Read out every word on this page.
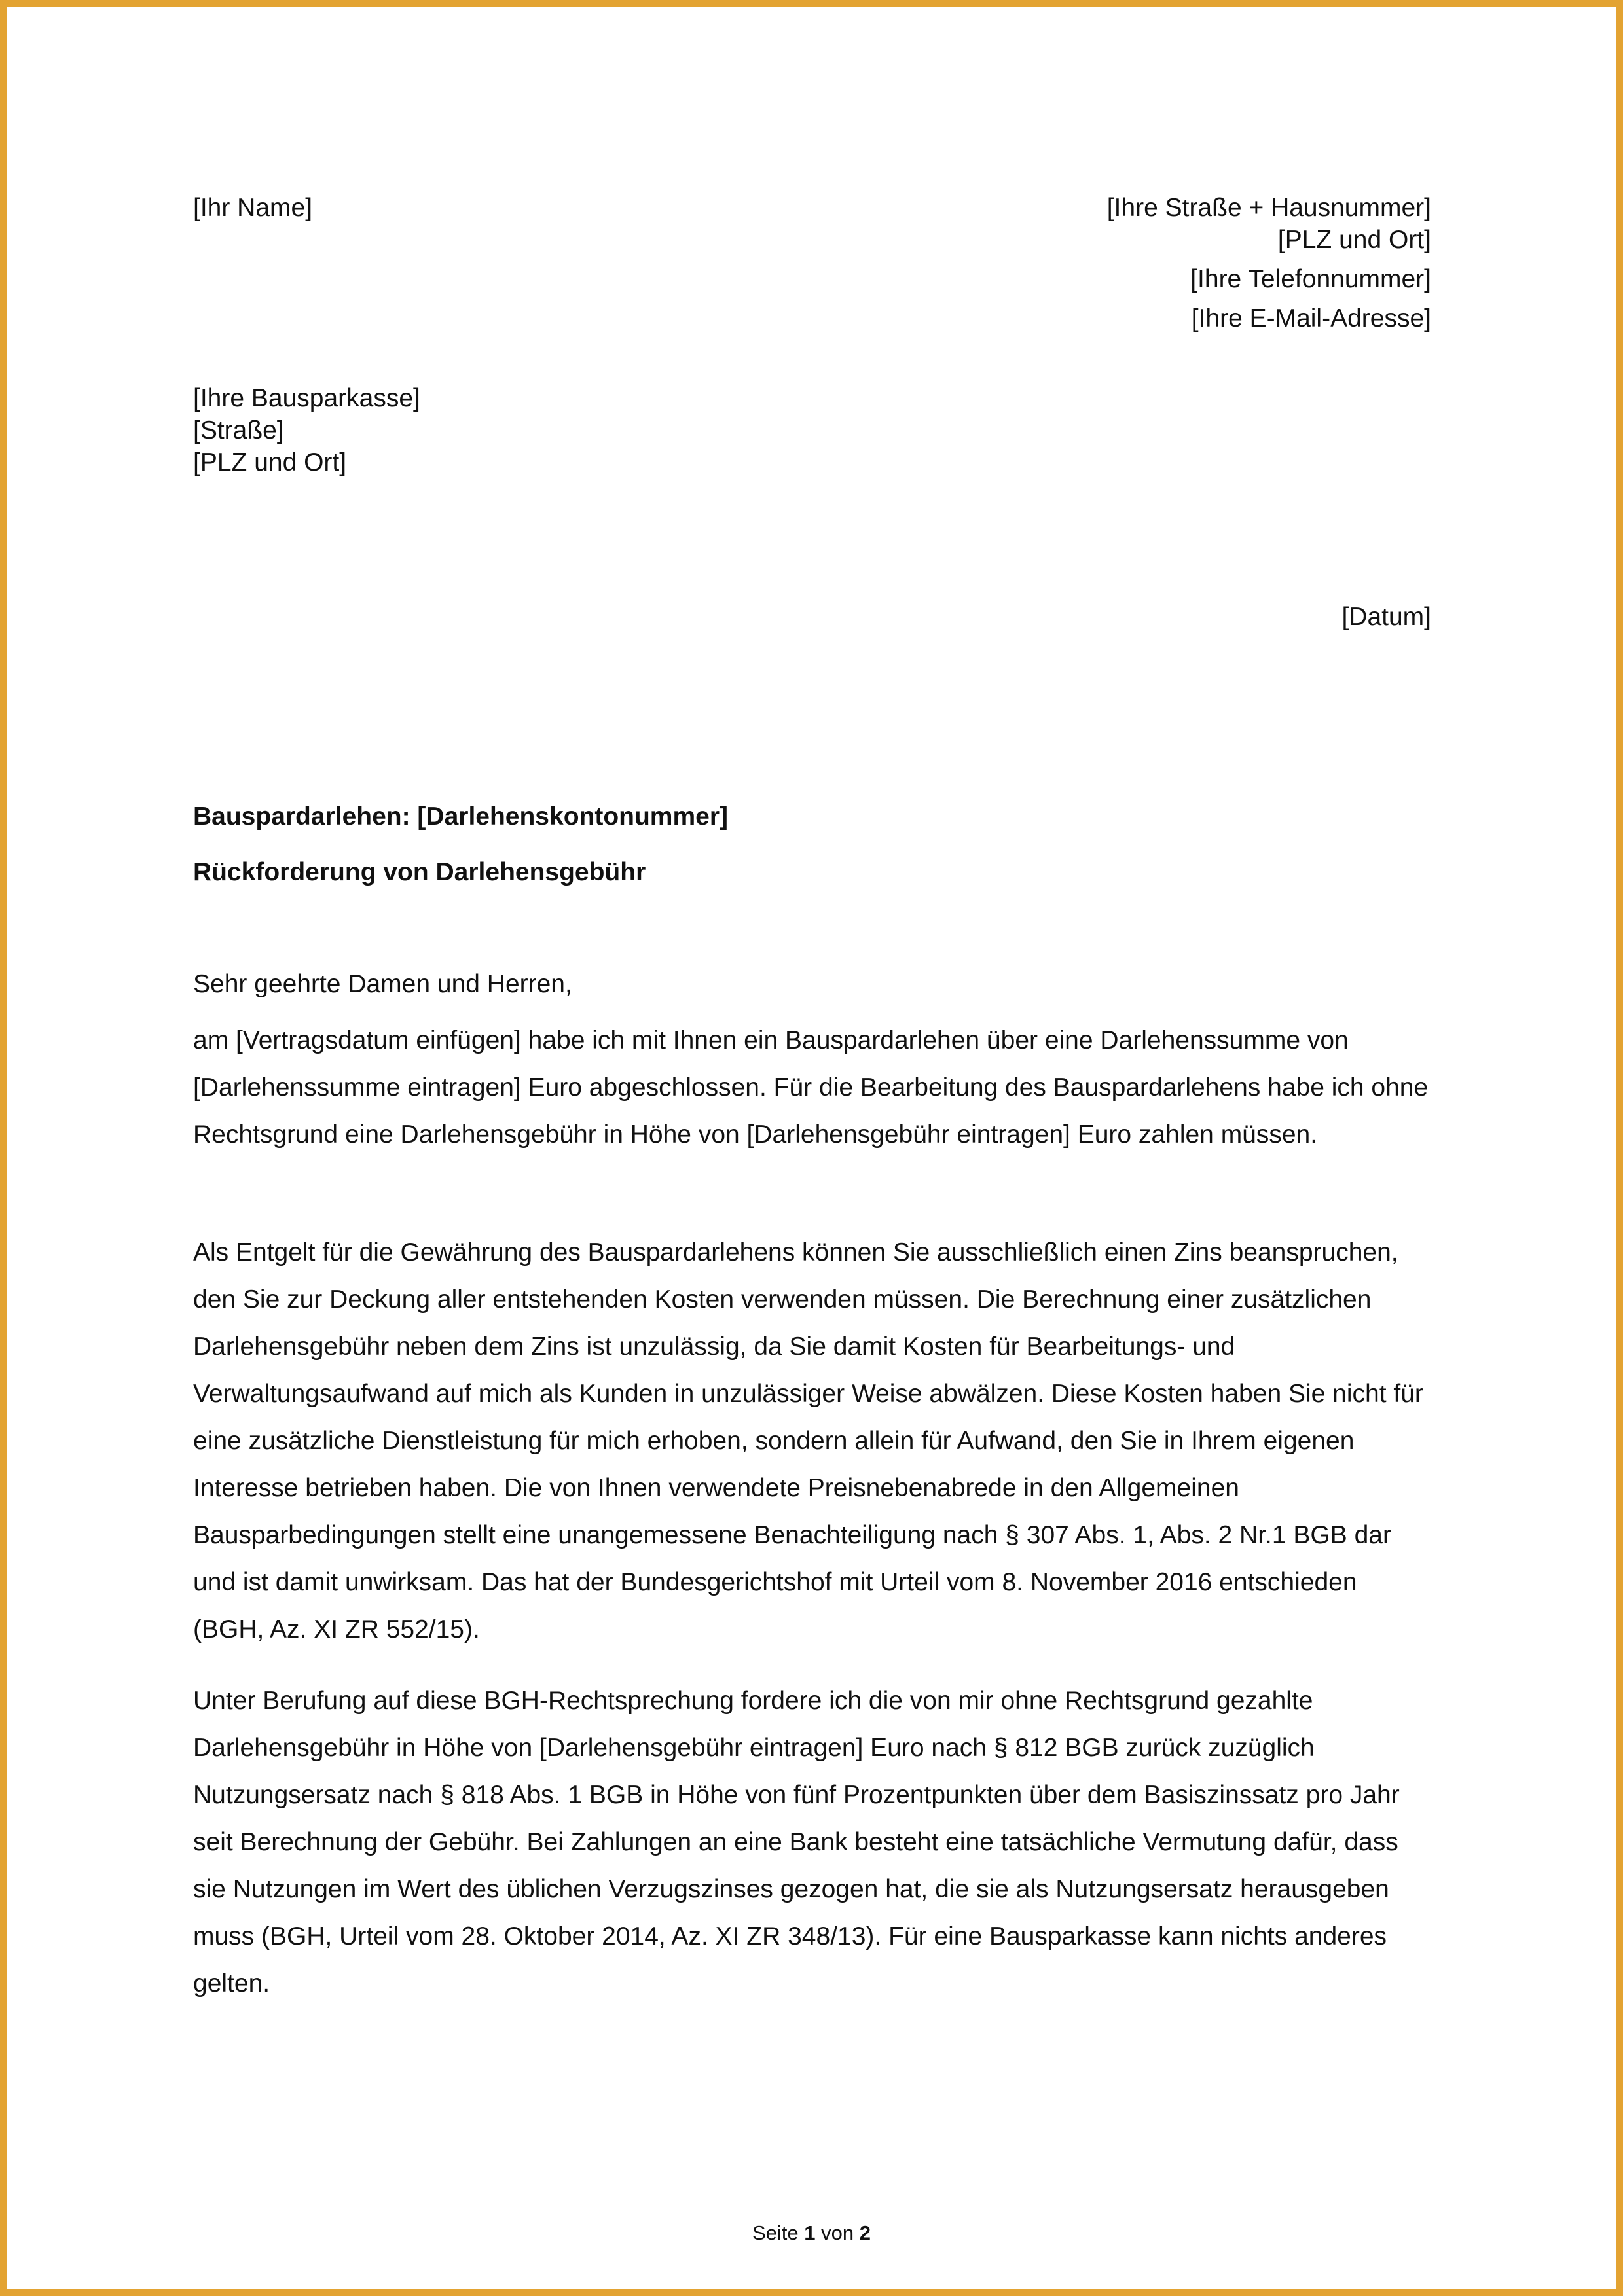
[Ihr Name]	[Ihre Straße + Hausnummer]
[PLZ und Ort]
[Ihre Telefonnummer]
[Ihre E-Mail-Adresse]
[Ihre Bausparkasse]
[Straße]
[PLZ und Ort]
[Datum]
Bauspardarlehen: [Darlehenskontonummer]
Rückforderung von Darlehensgebühr
Sehr geehrte Damen und Herren,

am [Vertragsdatum einfügen] habe ich mit Ihnen ein Bauspardarlehen über eine Darlehenssumme von [Darlehenssumme eintragen] Euro abgeschlossen. Für die Bearbeitung des Bauspardarlehens habe ich ohne Rechtsgrund eine Darlehensgebühr in Höhe von [Darlehensgebühr eintragen] Euro zahlen müssen.

Als Entgelt für die Gewährung des Bauspardarlehens können Sie ausschließlich einen Zins beanspruchen, den Sie zur Deckung aller entstehenden Kosten verwenden müssen. Die Berechnung einer zusätzlichen Darlehensgebühr neben dem Zins ist unzulässig, da Sie damit Kosten für Bearbeitungs- und Verwaltungsaufwand auf mich als Kunden in unzulässiger Weise abwälzen. Diese Kosten haben Sie nicht für eine zusätzliche Dienstleistung für mich erhoben, sondern allein für Aufwand, den Sie in Ihrem eigenen Interesse betrieben haben. Die von Ihnen verwendete Preisnebenabrede in den Allgemeinen Bausparbedingungen stellt eine unangemessene Benachteiligung nach § 307 Abs. 1, Abs. 2 Nr.1 BGB dar und ist damit unwirksam. Das hat der Bundesgerichtshof mit Urteil vom 8. November 2016 entschieden (BGH, Az. XI ZR 552/15).

Unter Berufung auf diese BGH-Rechtsprechung fordere ich die von mir ohne Rechtsgrund gezahlte Darlehensgebühr in Höhe von [Darlehensgebühr eintragen] Euro nach § 812 BGB zurück zuzüglich Nutzungsersatz nach § 818 Abs. 1 BGB in Höhe von fünf Prozentpunkten über dem Basiszinssatz pro Jahr seit Berechnung der Gebühr. Bei Zahlungen an eine Bank besteht eine tatsächliche Vermutung dafür, dass sie Nutzungen im Wert des üblichen Verzugszinses gezogen hat, die sie als Nutzungsersatz herausgeben muss (BGH, Urteil vom 28. Oktober 2014, Az. XI ZR 348/13). Für eine Bausparkasse kann nichts anderes gelten.

Seite 1 von 2
